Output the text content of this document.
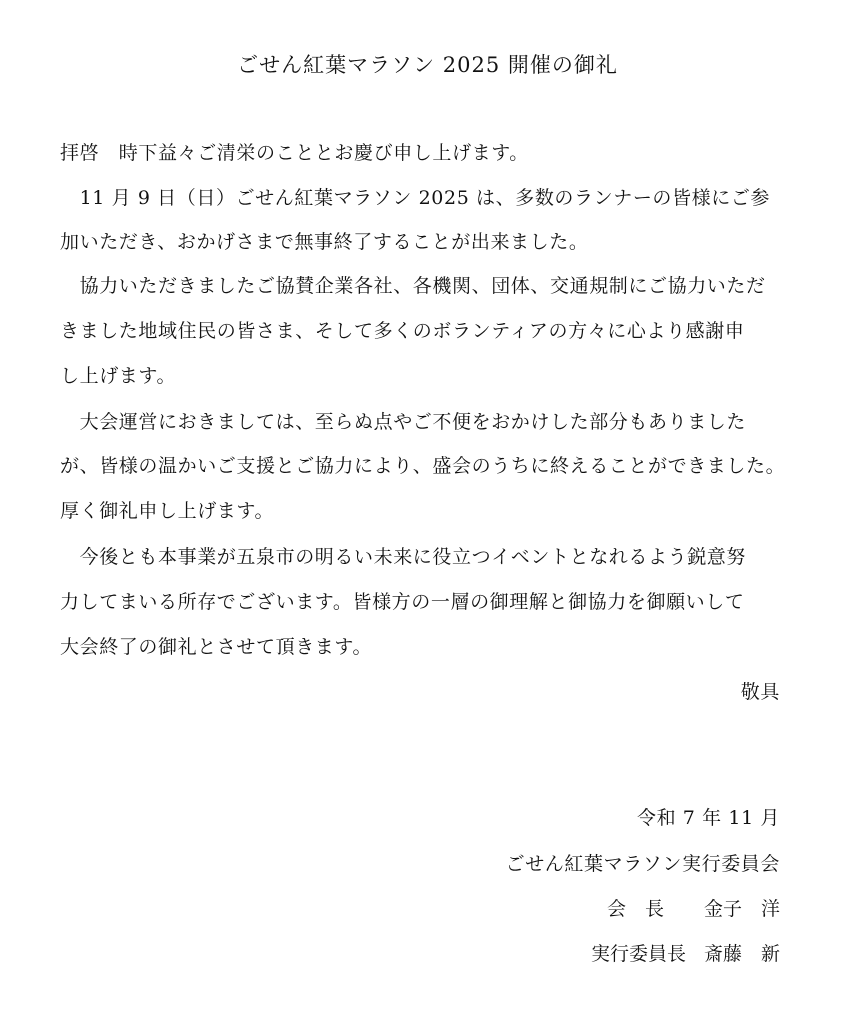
ごせん紅葉マラソン 2025 開催の御礼
拝啓　時下益々ご清栄のこととお慶び申し上げます。
　11 月 9 日（日）ごせん紅葉マラソン 2025 は、多数のランナーの皆様にご参
加いただき、おかげさまで無事終了することが出来ました。
　協力いただきましたご協賛企業各社、各機関、団体、交通規制にご協力いただ
きました地域住民の皆さま、そして多くのボランティアの方々に心より感謝申
し上げます。
　大会運営におきましては、至らぬ点やご不便をおかけした部分もありました
が、皆様の温かいご支援とご協力により、盛会のうちに終えることができました。
厚く御礼申し上げます。
　今後とも本事業が五泉市の明るい未来に役立つイベントとなれるよう鋭意努
力してまいる所存でございます。皆様方の一層の御理解と御協力を御願いして
大会終了の御礼とさせて頂きます。
敬具
令和 7 年 11 月
ごせん紅葉マラソン実行委員会
会　長 金子　洋
実行委員長 斎藤　新
